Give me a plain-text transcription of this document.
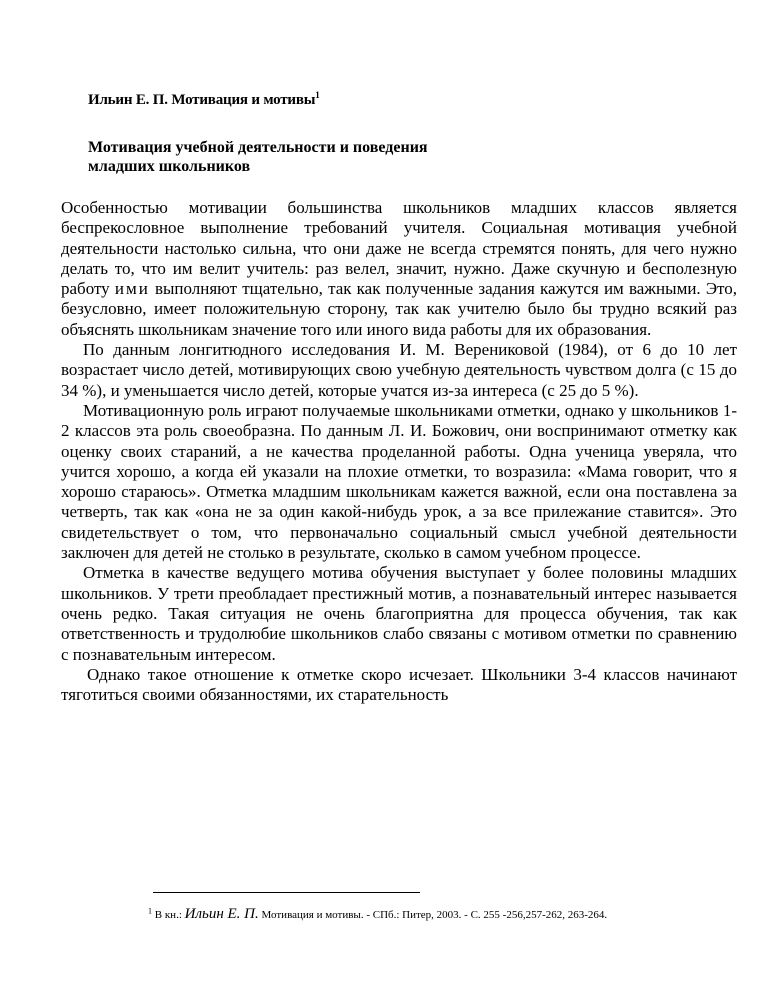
Ильин Е. П. Мотивация и мотивы$^1$
Мотивация учебной деятельности и поведения
младших школьников

Особенностью мотивации большинства школьников младших классов является беспрекословное выполнение требований учителя. Социальная мотивация учебной деятельности настолько сильна, что они даже не всегда стремятся понять, для чего нужно делать то, что им велит учитель: раз велел, значит, нужно. Даже скучную и бесполезную работу ими выполняют тщательно, так как полученные задания кажутся им важными. Это, безусловно, имеет положительную сторону, так как учителю было бы трудно всякий раз объяснять школьникам значение того или иного вида работы для их образования.

По данным лонгитюдного исследования И. М. Верениковой (1984), от 6 до 10 лет возрастает число детей, мотивирующих свою учебную деятельность чувством долга (с 15 до 34 %), и уменьшается число детей, которые учатся из-за интереса (с 25 до 5 %).

Мотивационную роль играют получаемые школьниками отметки, однако у школьников 1-2 классов эта роль своеобразна. По данным Л. И. Божович, они воспринимают отметку как оценку своих стараний, а не качества проделанной работы. Одна ученица уверяла, что учится хорошо, а когда ей указали на плохие отметки, то возразила: «Мама говорит, что я хорошо стараюсь». Отметка младшим школьникам кажется важной, если она поставлена за четверть, так как «она не за один какой-нибудь урок, а за все прилежание ставится». Это свидетельствует о том, что первоначально социальный смысл учебной деятельности заключен для детей не столько в результате, сколько в самом учебном процессе.

Отметка в качестве ведущего мотива обучения выступает у более половины младших школьников. У трети преобладает престижный мотив, а познавательный интерес называется очень редко. Такая ситуация не очень благоприятна для процесса обучения, так как ответственность и трудолюбие школьников слабо связаны с мотивом отметки по сравнению с познавательным интересом.

Однако такое отношение к отметке скоро исчезает. Школьники 3-4 классов начинают тяготиться своими обязанностями, их старательность

$^1$ В кн.: Ильин Е. П. Мотивация и мотивы. - СПб.: Питер, 2003. - С. 255 -256,257-262, 263-264.
